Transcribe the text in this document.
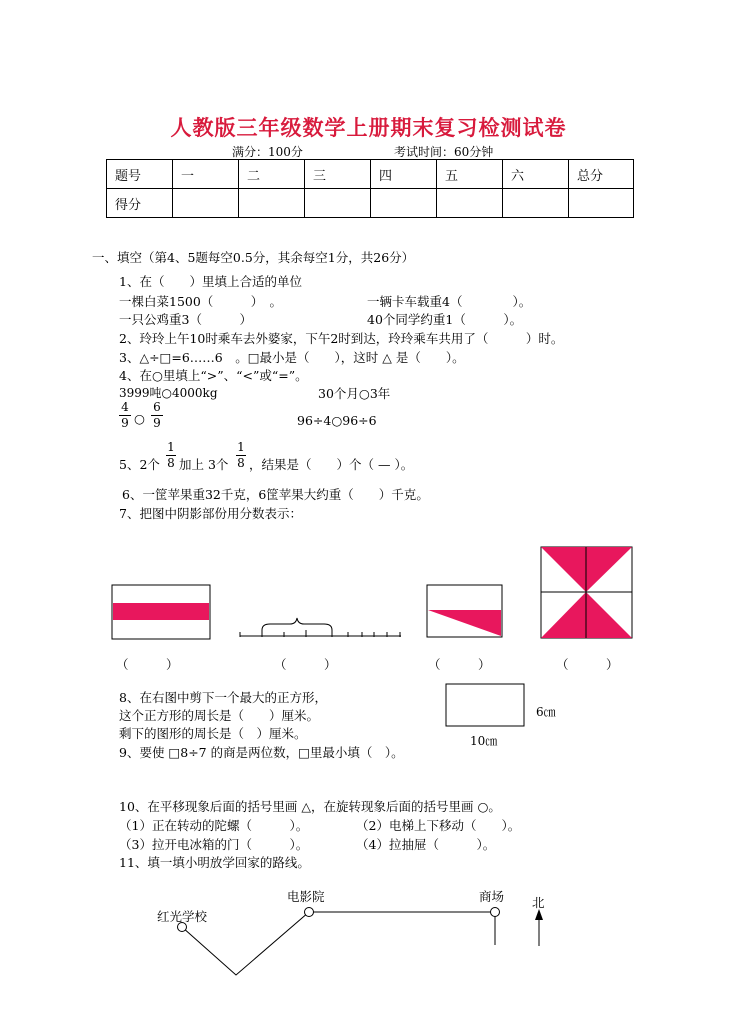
人教版三年级数学上册期末复习检测试卷
满分：100分	考试时间：60分钟
题号	一	二	三	四	五	六	总分
得分							
一、填空（第4、5题每空0.5分，其余每空1分，共26分）
1、在（　　）里填上合适的单位
一棵白菜1500（　　　）　。	一辆卡车载重4（　　　　）。
一只公鸡重3（　　　）	40个同学约重1（　　　）。
2、玲玲上午10时乘车去外婆家，下午2时到达，玲玲乘车共用了（　　　）时。
3、△÷□=6……6　。□最小是（　　），这时 △ 是（　　）。
4、在○里填上“>”、“<”或“=”。
3999吨○4000kg	30个月○3年
4
9 ○
6
9	96÷4○96÷6
5、2个
1
8 加上 3个
1
8 ，结果是（　　）个（ — ）。
6、一筐苹果重32千克，6筐苹果大约重（　　）千克。
7、把图中阴影部份用分数表示：
（　　　）	（　　　）	（　　　）	（　　　）
8、在右图中剪下一个最大的正方形，
这个正方形的周长是（　　）厘米。
剩下的图形的周长是（　）厘米。
6㎝
10㎝
9、要使 □8÷7 的商是两位数，□里最小填（　）。
10、在平移现象后面的括号里画 △，在旋转现象后面的括号里画 ○。
（1）正在转动的陀螺（　　　）。	（2）电梯上下移动（　　）。
（3）拉开电冰箱的门（　　　）。	（4）拉抽屉（　　　）。
11、填一填小明放学回家的路线。
红光学校
电影院	商场 北
